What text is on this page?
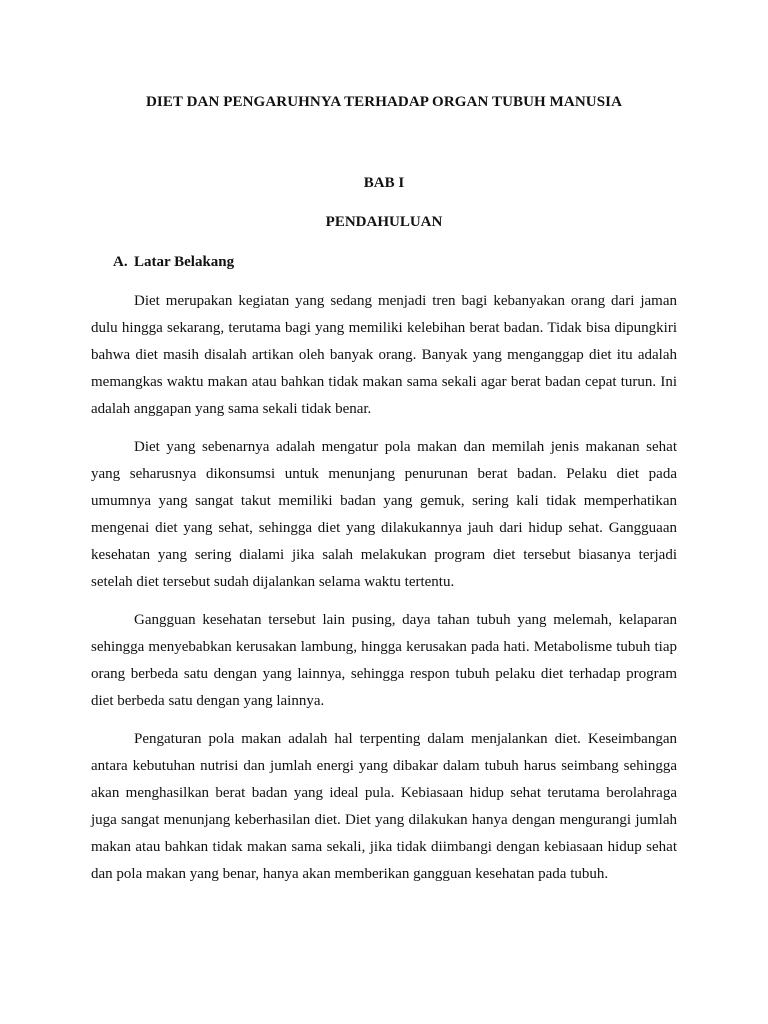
DIET DAN PENGARUHNYA TERHADAP ORGAN TUBUH MANUSIA
BAB I
PENDAHULUAN
A. Latar Belakang

Diet merupakan kegiatan yang sedang menjadi tren bagi kebanyakan orang dari jaman dulu hingga sekarang, terutama bagi yang memiliki kelebihan berat badan. Tidak bisa dipungkiri bahwa diet masih disalah artikan oleh banyak orang. Banyak yang menganggap diet itu adalah memangkas waktu makan atau bahkan tidak makan sama sekali agar berat badan cepat turun. Ini adalah anggapan yang sama sekali tidak benar.

Diet yang sebenarnya adalah mengatur pola makan dan memilah jenis makanan sehat yang seharusnya dikonsumsi untuk menunjang penurunan berat badan. Pelaku diet pada umumnya yang sangat takut memiliki badan yang gemuk, sering kali tidak memperhatikan mengenai diet yang sehat, sehingga diet yang dilakukannya jauh dari hidup sehat. Gangguaan kesehatan yang sering dialami jika salah melakukan program diet tersebut biasanya terjadi setelah diet tersebut sudah dijalankan selama waktu tertentu.

Gangguan kesehatan tersebut lain pusing, daya tahan tubuh yang melemah, kelaparan sehingga menyebabkan kerusakan lambung, hingga kerusakan pada hati. Metabolisme tubuh tiap orang berbeda satu dengan yang lainnya, sehingga respon tubuh pelaku diet terhadap program diet berbeda satu dengan yang lainnya.

Pengaturan pola makan adalah hal terpenting dalam menjalankan diet. Keseimbangan antara kebutuhan nutrisi dan jumlah energi yang dibakar dalam tubuh harus seimbang sehingga akan menghasilkan berat badan yang ideal pula. Kebiasaan hidup sehat terutama berolahraga juga sangat menunjang keberhasilan diet. Diet yang dilakukan hanya dengan mengurangi jumlah makan atau bahkan tidak makan sama sekali, jika tidak diimbangi dengan kebiasaan hidup sehat dan pola makan yang benar, hanya akan memberikan gangguan kesehatan pada tubuh.
